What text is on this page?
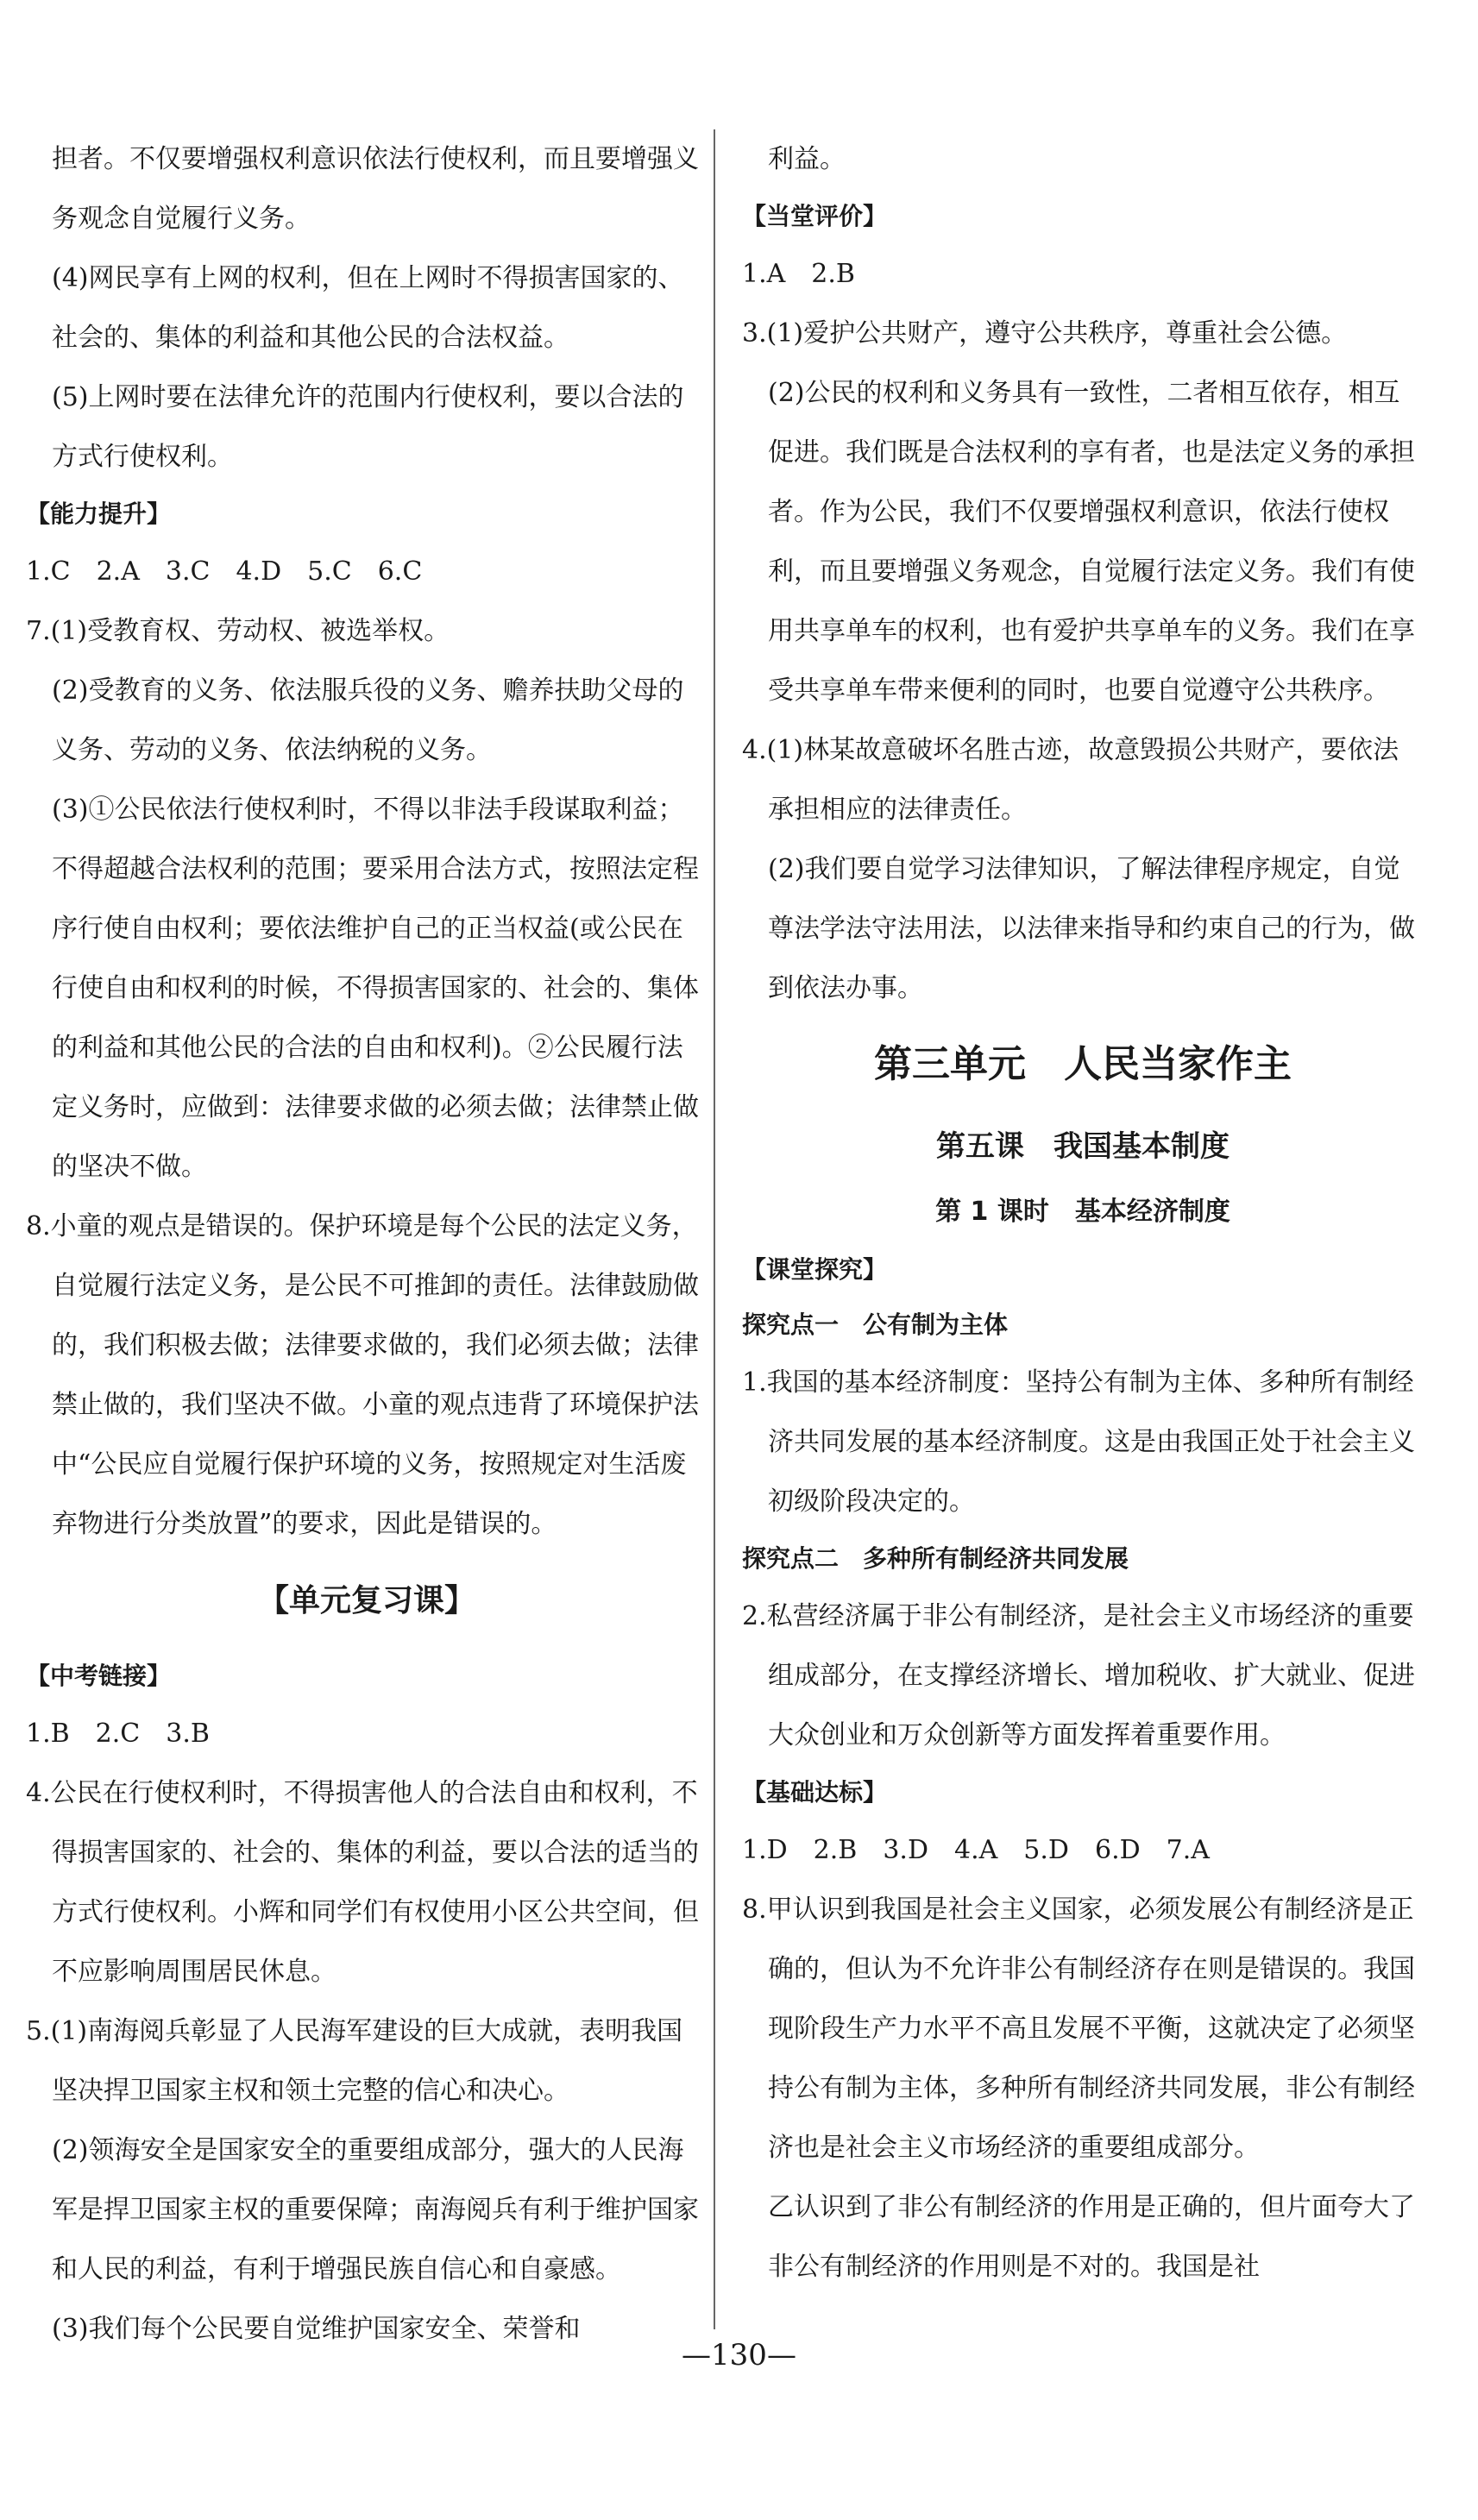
担者。不仅要增强权利意识依法行使权利，而且要增强义务观念自觉履行义务。
(4)网民享有上网的权利，但在上网时不得损害国家的、社会的、集体的利益和其他公民的合法权益。
(5)上网时要在法律允许的范围内行使权利，要以合法的方式行使权利。
【能力提升】
1.C　2.A　3.C　4.D　5.C　6.C
7.(1)受教育权、劳动权、被选举权。
(2)受教育的义务、依法服兵役的义务、赡养扶助父母的义务、劳动的义务、依法纳税的义务。
(3)①公民依法行使权利时，不得以非法手段谋取利益；不得超越合法权利的范围；要采用合法方式，按照法定程序行使自由权利；要依法维护自己的正当权益(或公民在行使自由和权利的时候，不得损害国家的、社会的、集体的利益和其他公民的合法的自由和权利)。②公民履行法定义务时，应做到：法律要求做的必须去做；法律禁止做的坚决不做。
8.小童的观点是错误的。保护环境是每个公民的法定义务，自觉履行法定义务，是公民不可推卸的责任。法律鼓励做的，我们积极去做；法律要求做的，我们必须去做；法律禁止做的，我们坚决不做。小童的观点违背了环境保护法中“公民应自觉履行保护环境的义务，按照规定对生活废弃物进行分类放置”的要求，因此是错误的。
【单元复习课】
【中考链接】
1.B　2.C　3.B
4.公民在行使权利时，不得损害他人的合法自由和权利，不得损害国家的、社会的、集体的利益，要以合法的适当的方式行使权利。小辉和同学们有权使用小区公共空间，但不应影响周围居民休息。
5.(1)南海阅兵彰显了人民海军建设的巨大成就，表明我国坚决捍卫国家主权和领土完整的信心和决心。
(2)领海安全是国家安全的重要组成部分，强大的人民海军是捍卫国家主权的重要保障；南海阅兵有利于维护国家和人民的利益，有利于增强民族自信心和自豪感。
(3)我们每个公民要自觉维护国家安全、荣誉和
利益。
【当堂评价】
1.A　2.B
3.(1)爱护公共财产，遵守公共秩序，尊重社会公德。
(2)公民的权利和义务具有一致性，二者相互依存，相互促进。我们既是合法权利的享有者，也是法定义务的承担者。作为公民，我们不仅要增强权利意识，依法行使权利，而且要增强义务观念，自觉履行法定义务。我们有使用共享单车的权利，也有爱护共享单车的义务。我们在享受共享单车带来便利的同时，也要自觉遵守公共秩序。
4.(1)林某故意破坏名胜古迹，故意毁损公共财产，要依法承担相应的法律责任。
(2)我们要自觉学习法律知识，了解法律程序规定，自觉尊法学法守法用法，以法律来指导和约束自己的行为，做到依法办事。
第三单元　人民当家作主
第五课　我国基本制度
第 1 课时　基本经济制度
【课堂探究】
探究点一　公有制为主体
1.我国的基本经济制度：坚持公有制为主体、多种所有制经济共同发展的基本经济制度。这是由我国正处于社会主义初级阶段决定的。
探究点二　多种所有制经济共同发展
2.私营经济属于非公有制经济，是社会主义市场经济的重要组成部分，在支撑经济增长、增加税收、扩大就业、促进大众创业和万众创新等方面发挥着重要作用。
【基础达标】
1.D　2.B　3.D　4.A　5.D　6.D　7.A
8.甲认识到我国是社会主义国家，必须发展公有制经济是正确的，但认为不允许非公有制经济存在则是错误的。我国现阶段生产力水平不高且发展不平衡，这就决定了必须坚持公有制为主体，多种所有制经济共同发展，非公有制经济也是社会主义市场经济的重要组成部分。
乙认识到了非公有制经济的作用是正确的，但片面夸大了非公有制经济的作用则是不对的。我国是社
—130—
